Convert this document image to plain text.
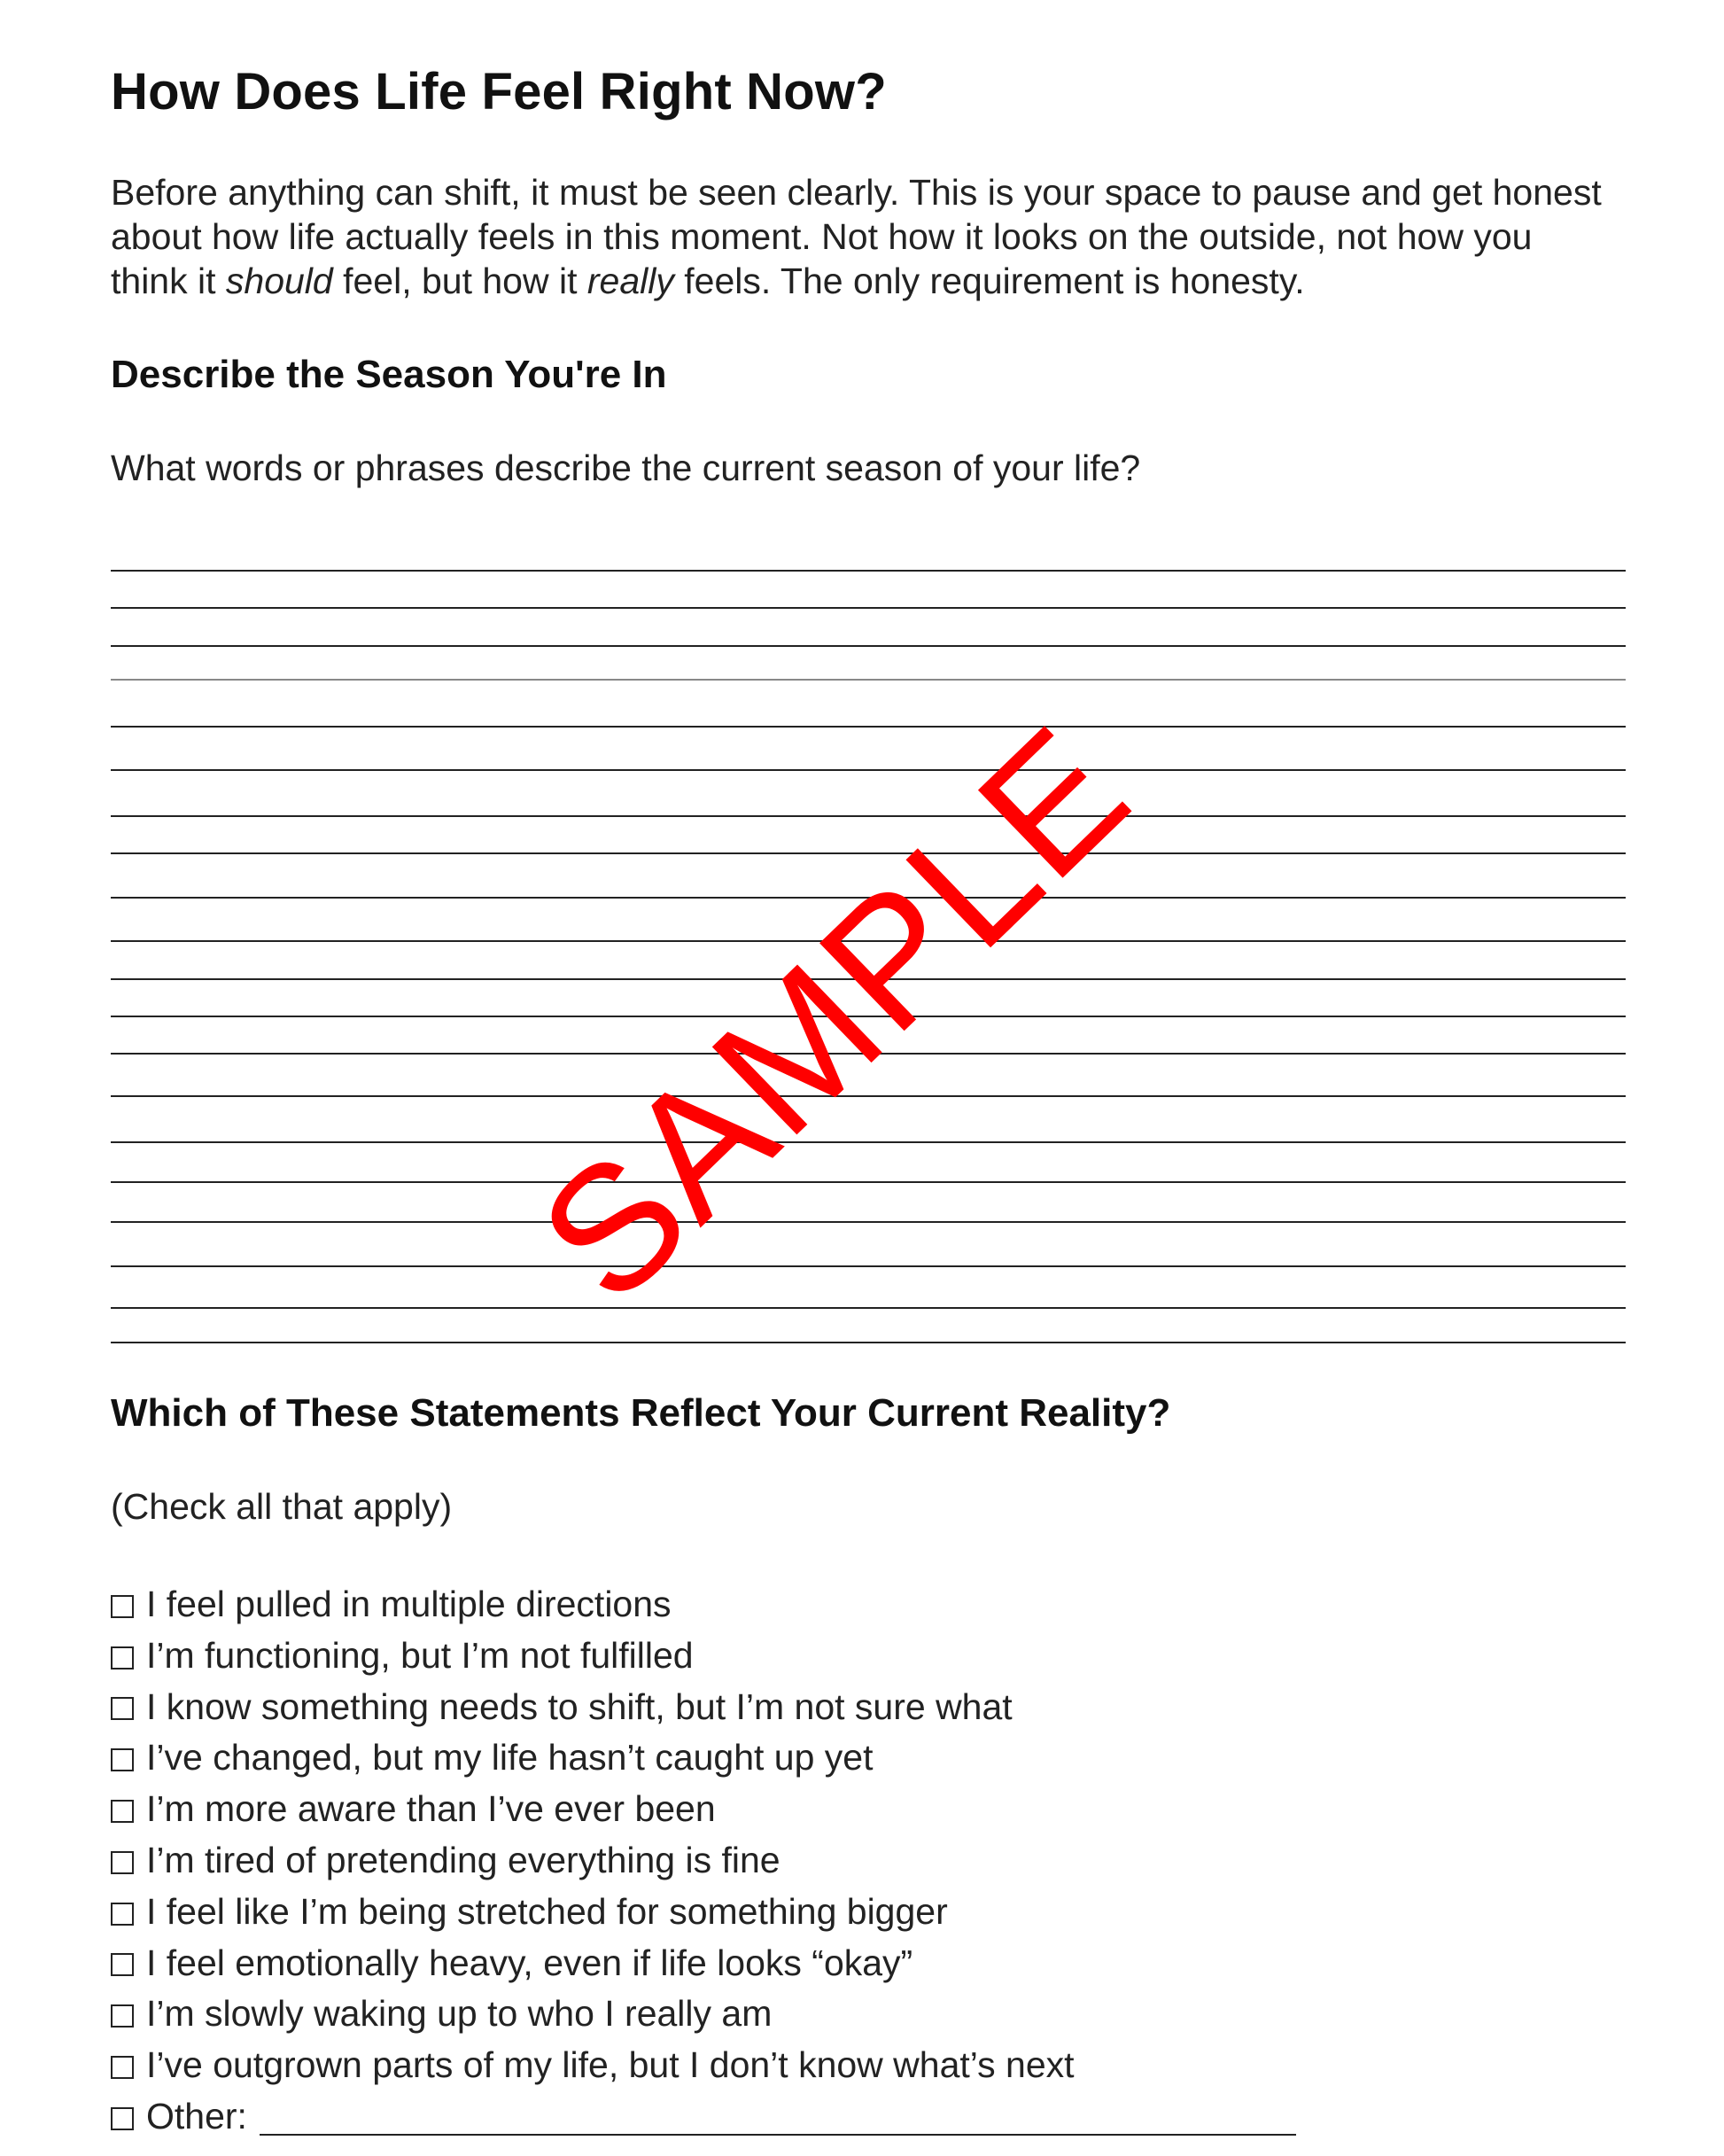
How Does Life Feel Right Now?

Before anything can shift, it must be seen clearly. This is your space to pause and get honest about how life actually feels in this moment. Not how it looks on the outside, not how you think it should feel, but how it really feels. The only requirement is honesty.

Describe the Season You're In

What words or phrases describe the current season of your life?

SAMPLE
Which of These Statements Reflect Your Current Reality?

(Check all that apply)

I feel pulled in multiple directions
I’m functioning, but I’m not fulfilled
I know something needs to shift, but I’m not sure what
I’ve changed, but my life hasn’t caught up yet
I’m more aware than I’ve ever been
I’m tired of pretending everything is fine
I feel like I’m being stretched for something bigger
I feel emotionally heavy, even if life looks “okay”
I’m slowly waking up to who I really am
I’ve outgrown parts of my life, but I don’t know what’s next
Other:
